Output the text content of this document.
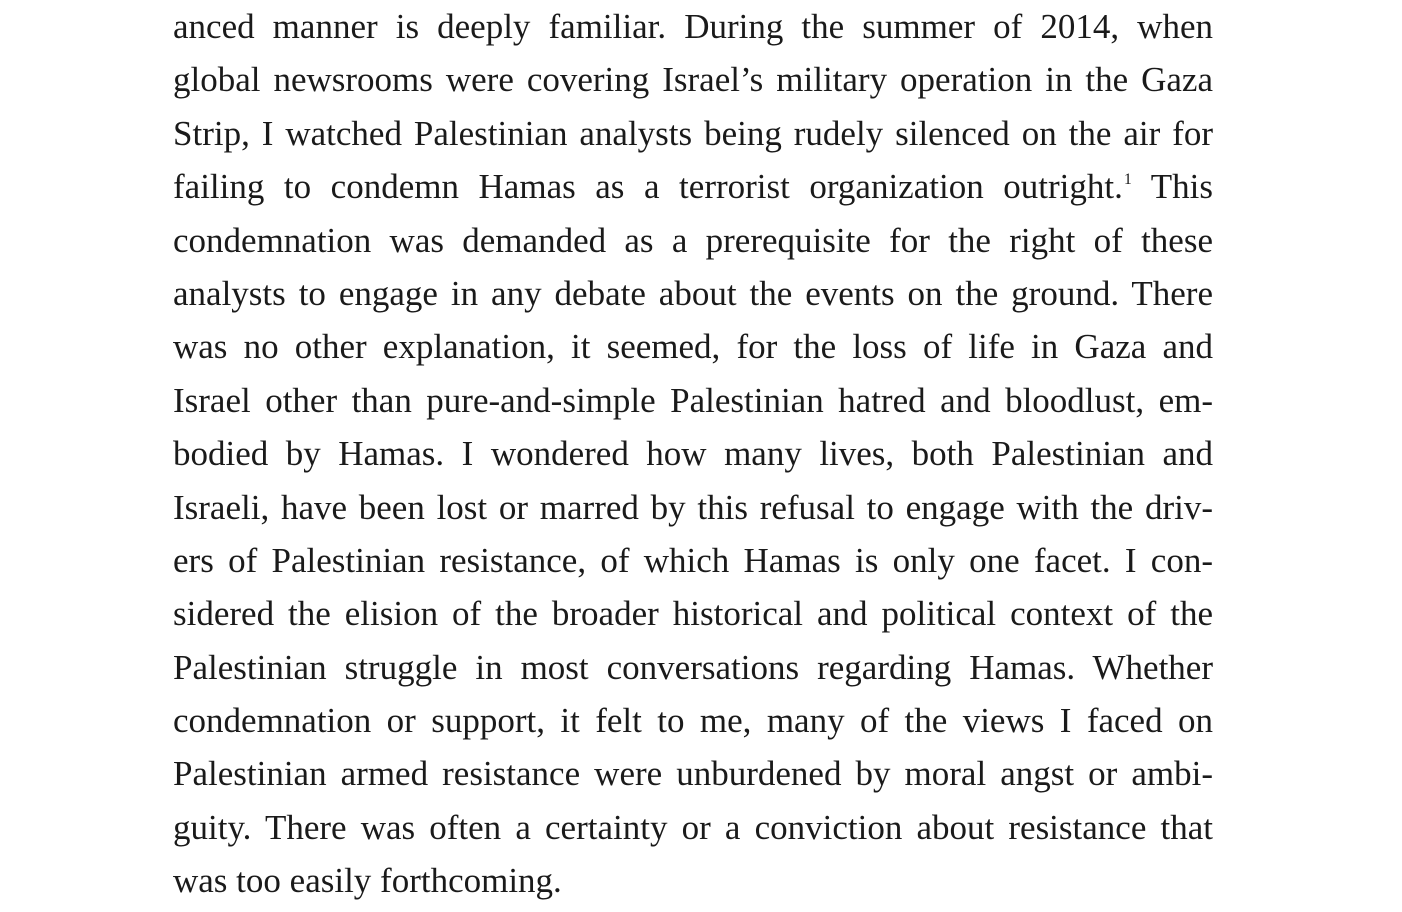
anced manner is deeply familiar. During the summer of 2014, when
global newsrooms were covering Israel’s military operation in the Gaza
Strip, I watched Palestinian analysts being rudely silenced on the air for
failing to condemn Hamas as a terrorist organization outright.$^1$ This
condemnation was demanded as a prerequisite for the right of these
analysts to engage in any debate about the events on the ground. There
was no other explanation, it seemed, for the loss of life in Gaza and
Israel other than pure-and-simple Palestinian hatred and bloodlust, em-
bodied by Hamas. I wondered how many lives, both Palestinian and
Israeli, have been lost or marred by this refusal to engage with the driv-
ers of Palestinian resistance, of which Hamas is only one facet. I con-
sidered the elision of the broader historical and political context of the
Palestinian struggle in most conversations regarding Hamas. Whether
condemnation or support, it felt to me, many of the views I faced on
Palestinian armed resistance were unburdened by moral angst or ambi-
guity. There was often a certainty or a conviction about resistance that
was too easily forthcoming.
